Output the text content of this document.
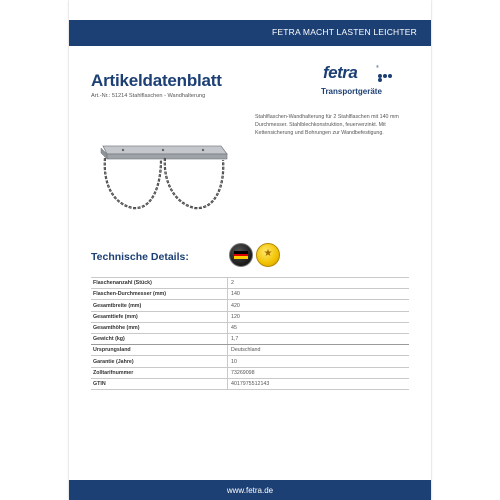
FETRA MACHT LASTEN LEICHTER
Artikeldatenblatt
Art.-Nr.: 51214 Stahlflaschen - Wandhalterung
fetra	®
Transportgeräte
Stahlflaschen-Wandhalterung für 2 Stahlflaschen mit 140 mm Durchmesser. Stahlblechkonstruktion, feuerverzinkt. Mit Kettensicherung und Bohrungen zur Wandbefestigung.
Technische Details:	★
Flaschenanzahl (Stück)	2
Flaschen-Durchmesser (mm)	140
Gesamtbreite (mm)	420
Gesamttiefe (mm)	120
Gesamthöhe (mm)	45
Gewicht (kg)	1,7
Ursprungsland	Deutschland
Garantie (Jahre)	10
Zolltarifnummer	73269098
GTIN	4017975512143
www.fetra.de
